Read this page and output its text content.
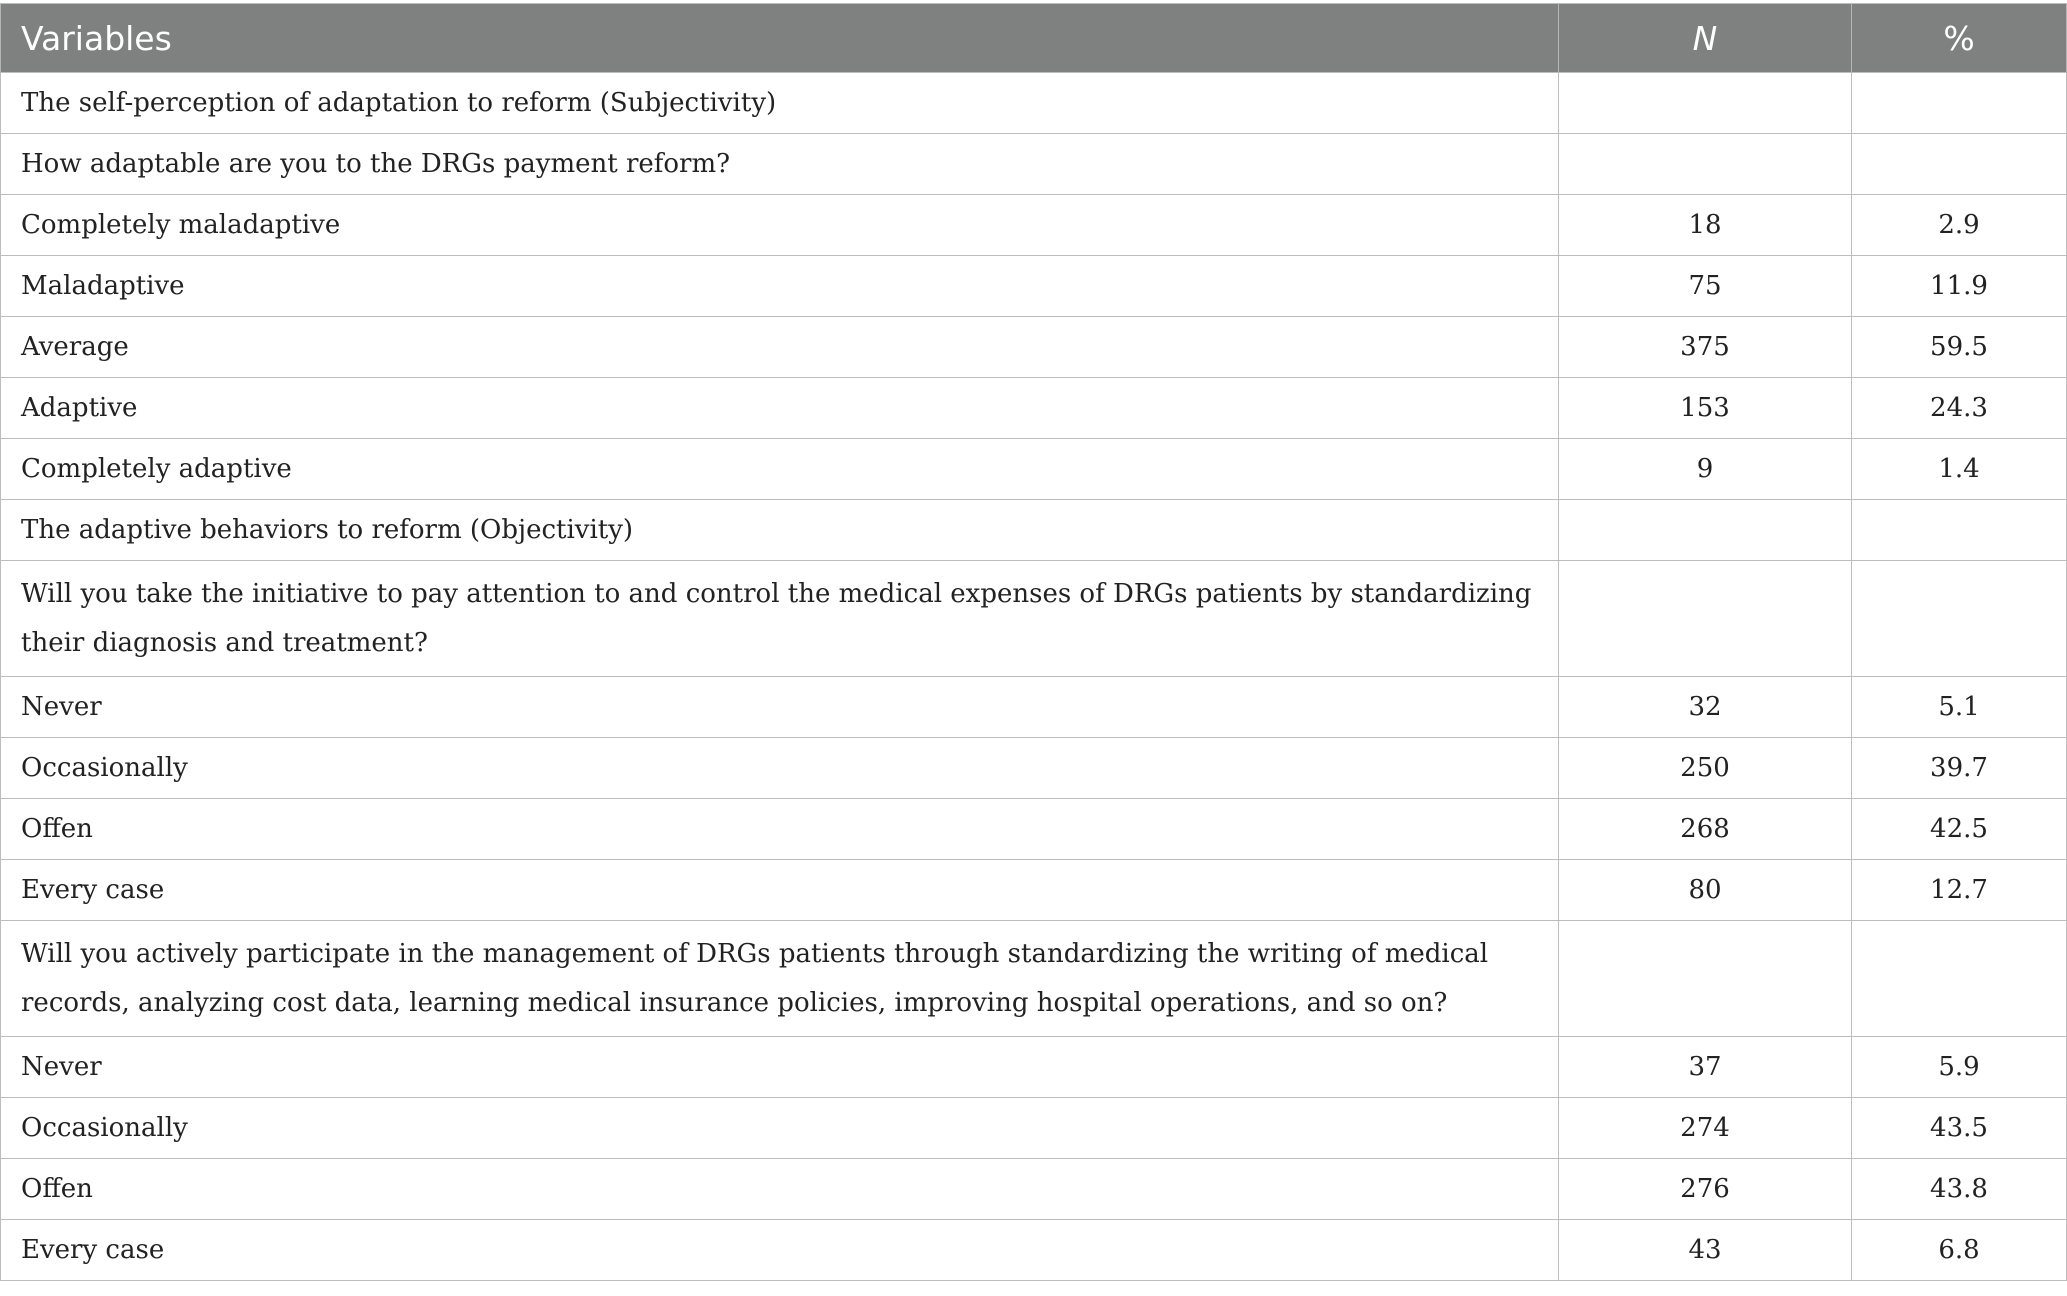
Variables	N	%
The self-perception of adaptation to reform (Subjectivity)		
How adaptable are you to the DRGs payment reform?		
Completely maladaptive	18	2.9
Maladaptive	75	11.9
Average	375	59.5
Adaptive	153	24.3
Completely adaptive	9	1.4
The adaptive behaviors to reform (Objectivity)		
Will you take the initiative to pay attention to and control the medical expenses of DRGs patients by standardizing their diagnosis and treatment?		
Never	32	5.1
Occasionally	250	39.7
Offen	268	42.5
Every case	80	12.7
Will you actively participate in the management of DRGs patients through standardizing the writing of medical records, analyzing cost data, learning medical insurance policies, improving hospital operations, and so on?		
Never	37	5.9
Occasionally	274	43.5
Offen	276	43.8
Every case	43	6.8
